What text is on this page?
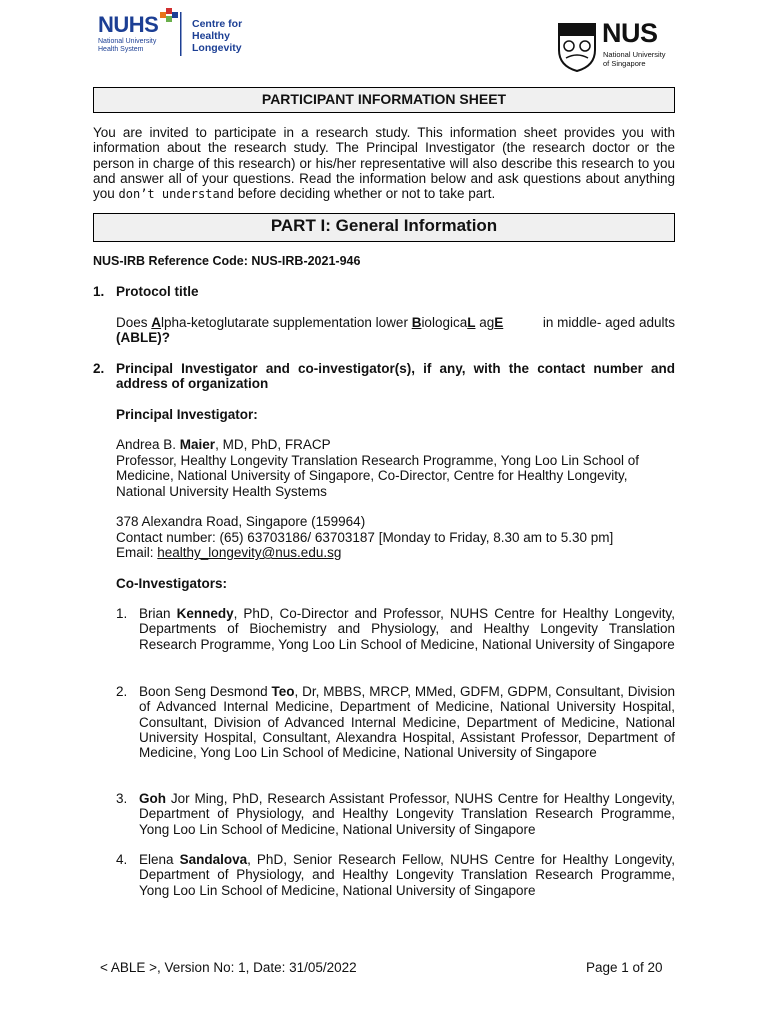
NUHS
National University
Health System
Centre for
Healthy
Longevity	NUS
National University
of Singapore
PARTICIPANT INFORMATION SHEET
You are invited to participate in a research study. This information sheet provides you with information about the research study. The Principal Investigator (the research doctor or the person in charge of this research) or his/her representative will also describe this research to you and answer all of your questions. Read the information below and ask questions about anything you don’t understand before deciding whether or not to take part.
PART I: General Information
NUS-IRB Reference Code: NUS-IRB-2021-946
1. Protocol title
Does Alpha-ketoglutarate supplementation lower BiologicaL agE	in middle- aged adults
(ABLE)?
2. Principal Investigator and co-investigator(s), if any, with the contact number and address of organization
Principal Investigator:
Andrea B. Maier, MD, PhD, FRACP
Professor, Healthy Longevity Translation Research Programme, Yong Loo Lin School of Medicine, National University of Singapore, Co-Director, Centre for Healthy Longevity, National University Health Systems
378 Alexandra Road, Singapore (159964)
Contact number: (65) 63703186/ 63703187 [Monday to Friday, 8.30 am to 5.30 pm]
Email: healthy_longevity@nus.edu.sg
Co-Investigators:
1. Brian Kennedy, PhD, Co-Director and Professor, NUHS Centre for Healthy Longevity, Departments of Biochemistry and Physiology, and Healthy Longevity Translation Research Programme, Yong Loo Lin School of Medicine, National University of Singapore
2. Boon Seng Desmond Teo, Dr, MBBS, MRCP, MMed, GDFM, GDPM, Consultant, Division of Advanced Internal Medicine, Department of Medicine, National University Hospital, Consultant, Division of Advanced Internal Medicine, Department of Medicine, National University Hospital, Consultant, Alexandra Hospital, Assistant Professor, Department of Medicine, Yong Loo Lin School of Medicine, National University of Singapore
3. Goh Jor Ming, PhD, Research Assistant Professor, NUHS Centre for Healthy Longevity, Department of Physiology, and Healthy Longevity Translation Research Programme, Yong Loo Lin School of Medicine, National University of Singapore
4. Elena Sandalova, PhD, Senior Research Fellow, NUHS Centre for Healthy Longevity, Department of Physiology, and Healthy Longevity Translation Research Programme, Yong Loo Lin School of Medicine, National University of Singapore
< ABLE >, Version No: 1, Date: 31/05/2022	Page 1 of 20
